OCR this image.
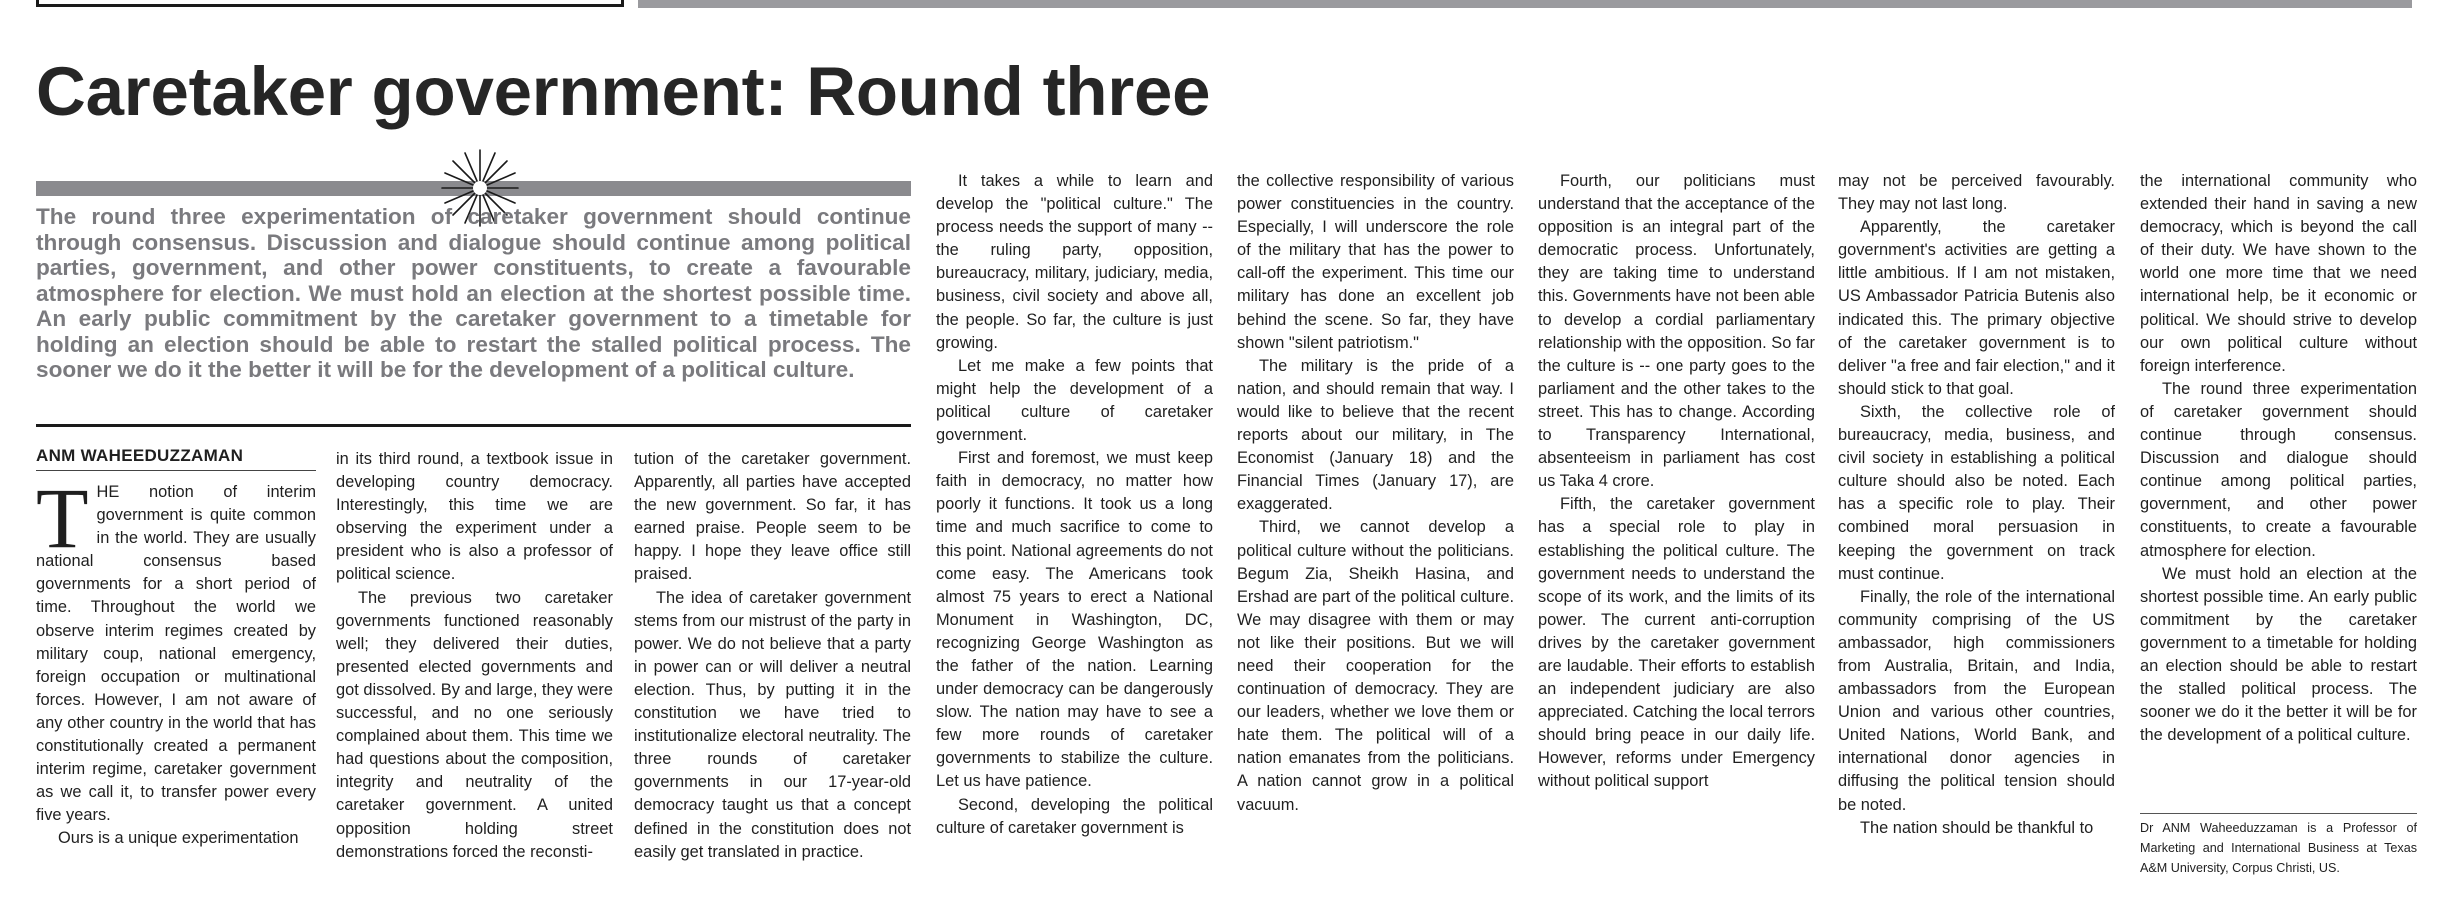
Caretaker government: Round three

The round three experimentation of caretaker government should continue through consensus. Discussion and dialogue should continue among political parties, government, and other power constituents, to create a favourable atmosphere for election. We must hold an election at the shortest possible time. An early public commitment by the caretaker government to a timetable for holding an election should be able to restart the stalled political process. The sooner we do it the better it will be for the development of a political culture.

ANM WAHEEDUZZAMAN
T HE notion of interim government is quite common in the world. They are usually national consensus based governments for a short period of time. Throughout the world we observe interim regimes created by military coup, national emergency, foreign occupation or multinational forces. However, I am not aware of any other country in the world that has constitutionally created a permanent interim regime, caretaker government as we call it, to transfer power every five years.

Ours is a unique experimentation

in its third round, a textbook issue in developing country democracy. Interestingly, this time we are observing the experiment under a president who is also a professor of political science.

The previous two caretaker governments functioned reasonably well; they delivered their duties, presented elected governments and got dissolved. By and large, they were successful, and no one seriously complained about them. This time we had questions about the composition, integrity and neutrality of the caretaker government. A united opposition holding street demonstrations forced the reconsti-

tution of the caretaker government. Apparently, all parties have accepted the new government. So far, it has earned praise. People seem to be happy. I hope they leave office still praised.

The idea of caretaker government stems from our mistrust of the party in power. We do not believe that a party in power can or will deliver a neutral election. Thus, by putting it in the constitution we have tried to institutionalize electoral neutrality. The three rounds of caretaker governments in our 17-year-old democracy taught us that a concept defined in the constitution does not easily get translated in practice.

It takes a while to learn and develop the "political culture." The process needs the support of many -- the ruling party, opposition, bureaucracy, military, judiciary, media, business, civil society and above all, the people. So far, the culture is just growing.

Let me make a few points that might help the development of a political culture of caretaker government.

First and foremost, we must keep faith in democracy, no matter how poorly it functions. It took us a long time and much sacrifice to come to this point. National agreements do not come easy. The Americans took almost 75 years to erect a National Monument in Washington, DC, recognizing George Washington as the father of the nation. Learning under democracy can be dangerously slow. The nation may have to see a few more rounds of caretaker governments to stabilize the culture. Let us have patience.

Second, developing the political culture of caretaker government is

the collective responsibility of various power constituencies in the country. Especially, I will underscore the role of the military that has the power to call-off the experiment. This time our military has done an excellent job behind the scene. So far, they have shown "silent patriotism."

The military is the pride of a nation, and should remain that way. I would like to believe that the recent reports about our military, in The Economist (January 18) and the Financial Times (January 17), are exaggerated.

Third, we cannot develop a political culture without the politicians. Begum Zia, Sheikh Hasina, and Ershad are part of the political culture. We may disagree with them or may not like their positions. But we will need their cooperation for the continuation of democracy. They are our leaders, whether we love them or hate them. The political will of a nation emanates from the politicians. A nation cannot grow in a political vacuum.

Fourth, our politicians must understand that the acceptance of the opposition is an integral part of the democratic process. Unfortunately, they are taking time to understand this. Governments have not been able to develop a cordial parliamentary relationship with the opposition. So far the culture is -- one party goes to the parliament and the other takes to the street. This has to change. According to Transparency International, absenteeism in parliament has cost us Taka 4 crore.

Fifth, the caretaker government has a special role to play in establishing the political culture. The government needs to understand the scope of its work, and the limits of its power. The current anti-corruption drives by the caretaker government are laudable. Their efforts to establish an independent judiciary are also appreciated. Catching the local terrors should bring peace in our daily life. However, reforms under Emergency without political support

may not be perceived favourably. They may not last long.

Apparently, the caretaker government's activities are getting a little ambitious. If I am not mistaken, US Ambassador Patricia Butenis also indicated this. The primary objective of the caretaker government is to deliver "a free and fair election," and it should stick to that goal.

Sixth, the collective role of bureaucracy, media, business, and civil society in establishing a political culture should also be noted. Each has a specific role to play. Their combined moral persuasion in keeping the government on track must continue.

Finally, the role of the international community comprising of the US ambassador, high commissioners from Australia, Britain, and India, ambassadors from the European Union and various other countries, United Nations, World Bank, and international donor agencies in diffusing the political tension should be noted.

The nation should be thankful to

the international community who extended their hand in saving a new democracy, which is beyond the call of their duty. We have shown to the world one more time that we need international help, be it economic or political. We should strive to develop our own political culture without foreign interference.

The round three experimentation of caretaker government should continue through consensus. Discussion and dialogue should continue among political parties, government, and other power constituents, to create a favourable atmosphere for election.

We must hold an election at the shortest possible time. An early public commitment by the caretaker government to a timetable for holding an election should be able to restart the stalled political process. The sooner we do it the better it will be for the development of a political culture.

Dr ANM Waheeduzzaman is a Professor of Marketing and International Business at Texas A&M University, Corpus Christi, US.
